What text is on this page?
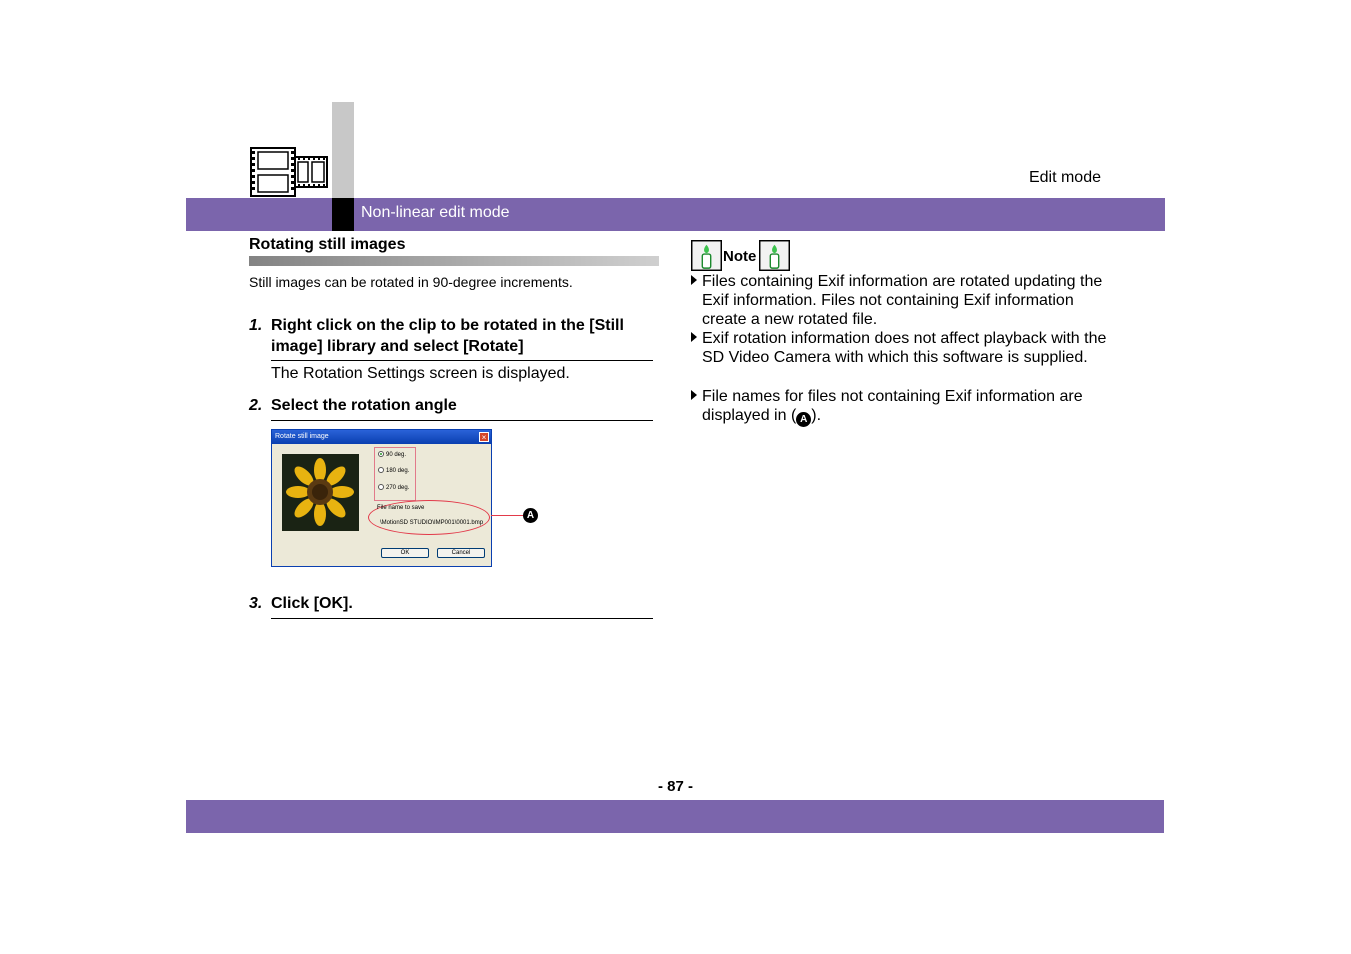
Non-linear edit mode
Edit mode
Rotating still images
Still images can be rotated in 90-degree increments.
1. Right click on the clip to be rotated in the [Still image] library and select [Rotate]
The Rotation Settings screen is displayed.
2. Select the rotation angle
Rotate still image	×
90 deg.
180 deg.
270 deg.
File name to save
\MotionSD STUDIO\IMP001\0001.bmp
OK	Cancel
A
3. Click [OK].
Note
Files containing Exif information are rotated updating the Exif information. Files not containing Exif information create a new rotated file.
Exif rotation information does not affect playback with the SD Video Camera with which this software is supplied.
File names for files not containing Exif information are displayed in ( A ).
- 87 -
